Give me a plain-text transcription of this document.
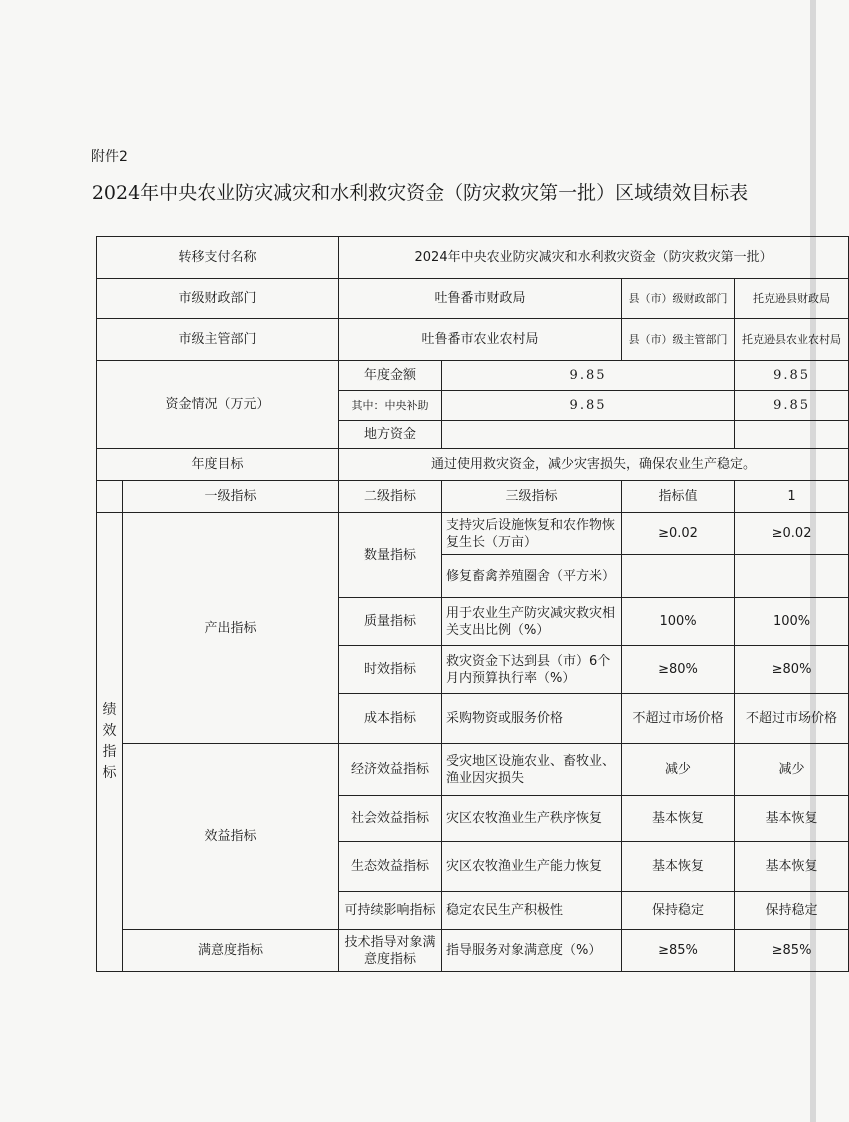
附件2
2024年中央农业防灾减灾和水利救灾资金（防灾救灾第一批）区域绩效目标表
转移支付名称		2024年中央农业防灾减灾和水利救灾资金（防灾救灾第一批）			
市级财政部门		吐鲁番市财政局		县（市）级财政部门	托克逊县财政局
市级主管部门		吐鲁番市农业农村局		县（市）级主管部门	托克逊县农业农村局
资金情况（万元）		年度金额	9.85		9.85
		其中：中央补助	9.85		9.85
		地方资金			
年度目标		通过使用救灾资金，减少灾害损失，确保农业生产稳定。			
	一级指标	二级指标	三级指标	指标值	1

绩效指标	产出指标	数量指标	支持灾后设施恢复和农作物恢复生长（万亩）	≥0.02	≥0.02
			修复畜禽养殖圈舍（平方米）		
		质量指标	用于农业生产防灾减灾救灾相关支出比例（%）	100%	100%
		时效指标	救灾资金下达到县（市）6个月内预算执行率（%）	≥80%	≥80%
		成本指标	采购物资或服务价格	不超过市场价格	不超过市场价格
	效益指标	经济效益指标	受灾地区设施农业、畜牧业、渔业因灾损失	减少	减少
		社会效益指标	灾区农牧渔业生产秩序恢复	基本恢复	基本恢复
		生态效益指标	灾区农牧渔业生产能力恢复	基本恢复	基本恢复
		可持续影响指标	稳定农民生产积极性	保持稳定	保持稳定
	满意度指标	技术指导对象满意度指标	指导服务对象满意度（%）	≥85%	≥85%
